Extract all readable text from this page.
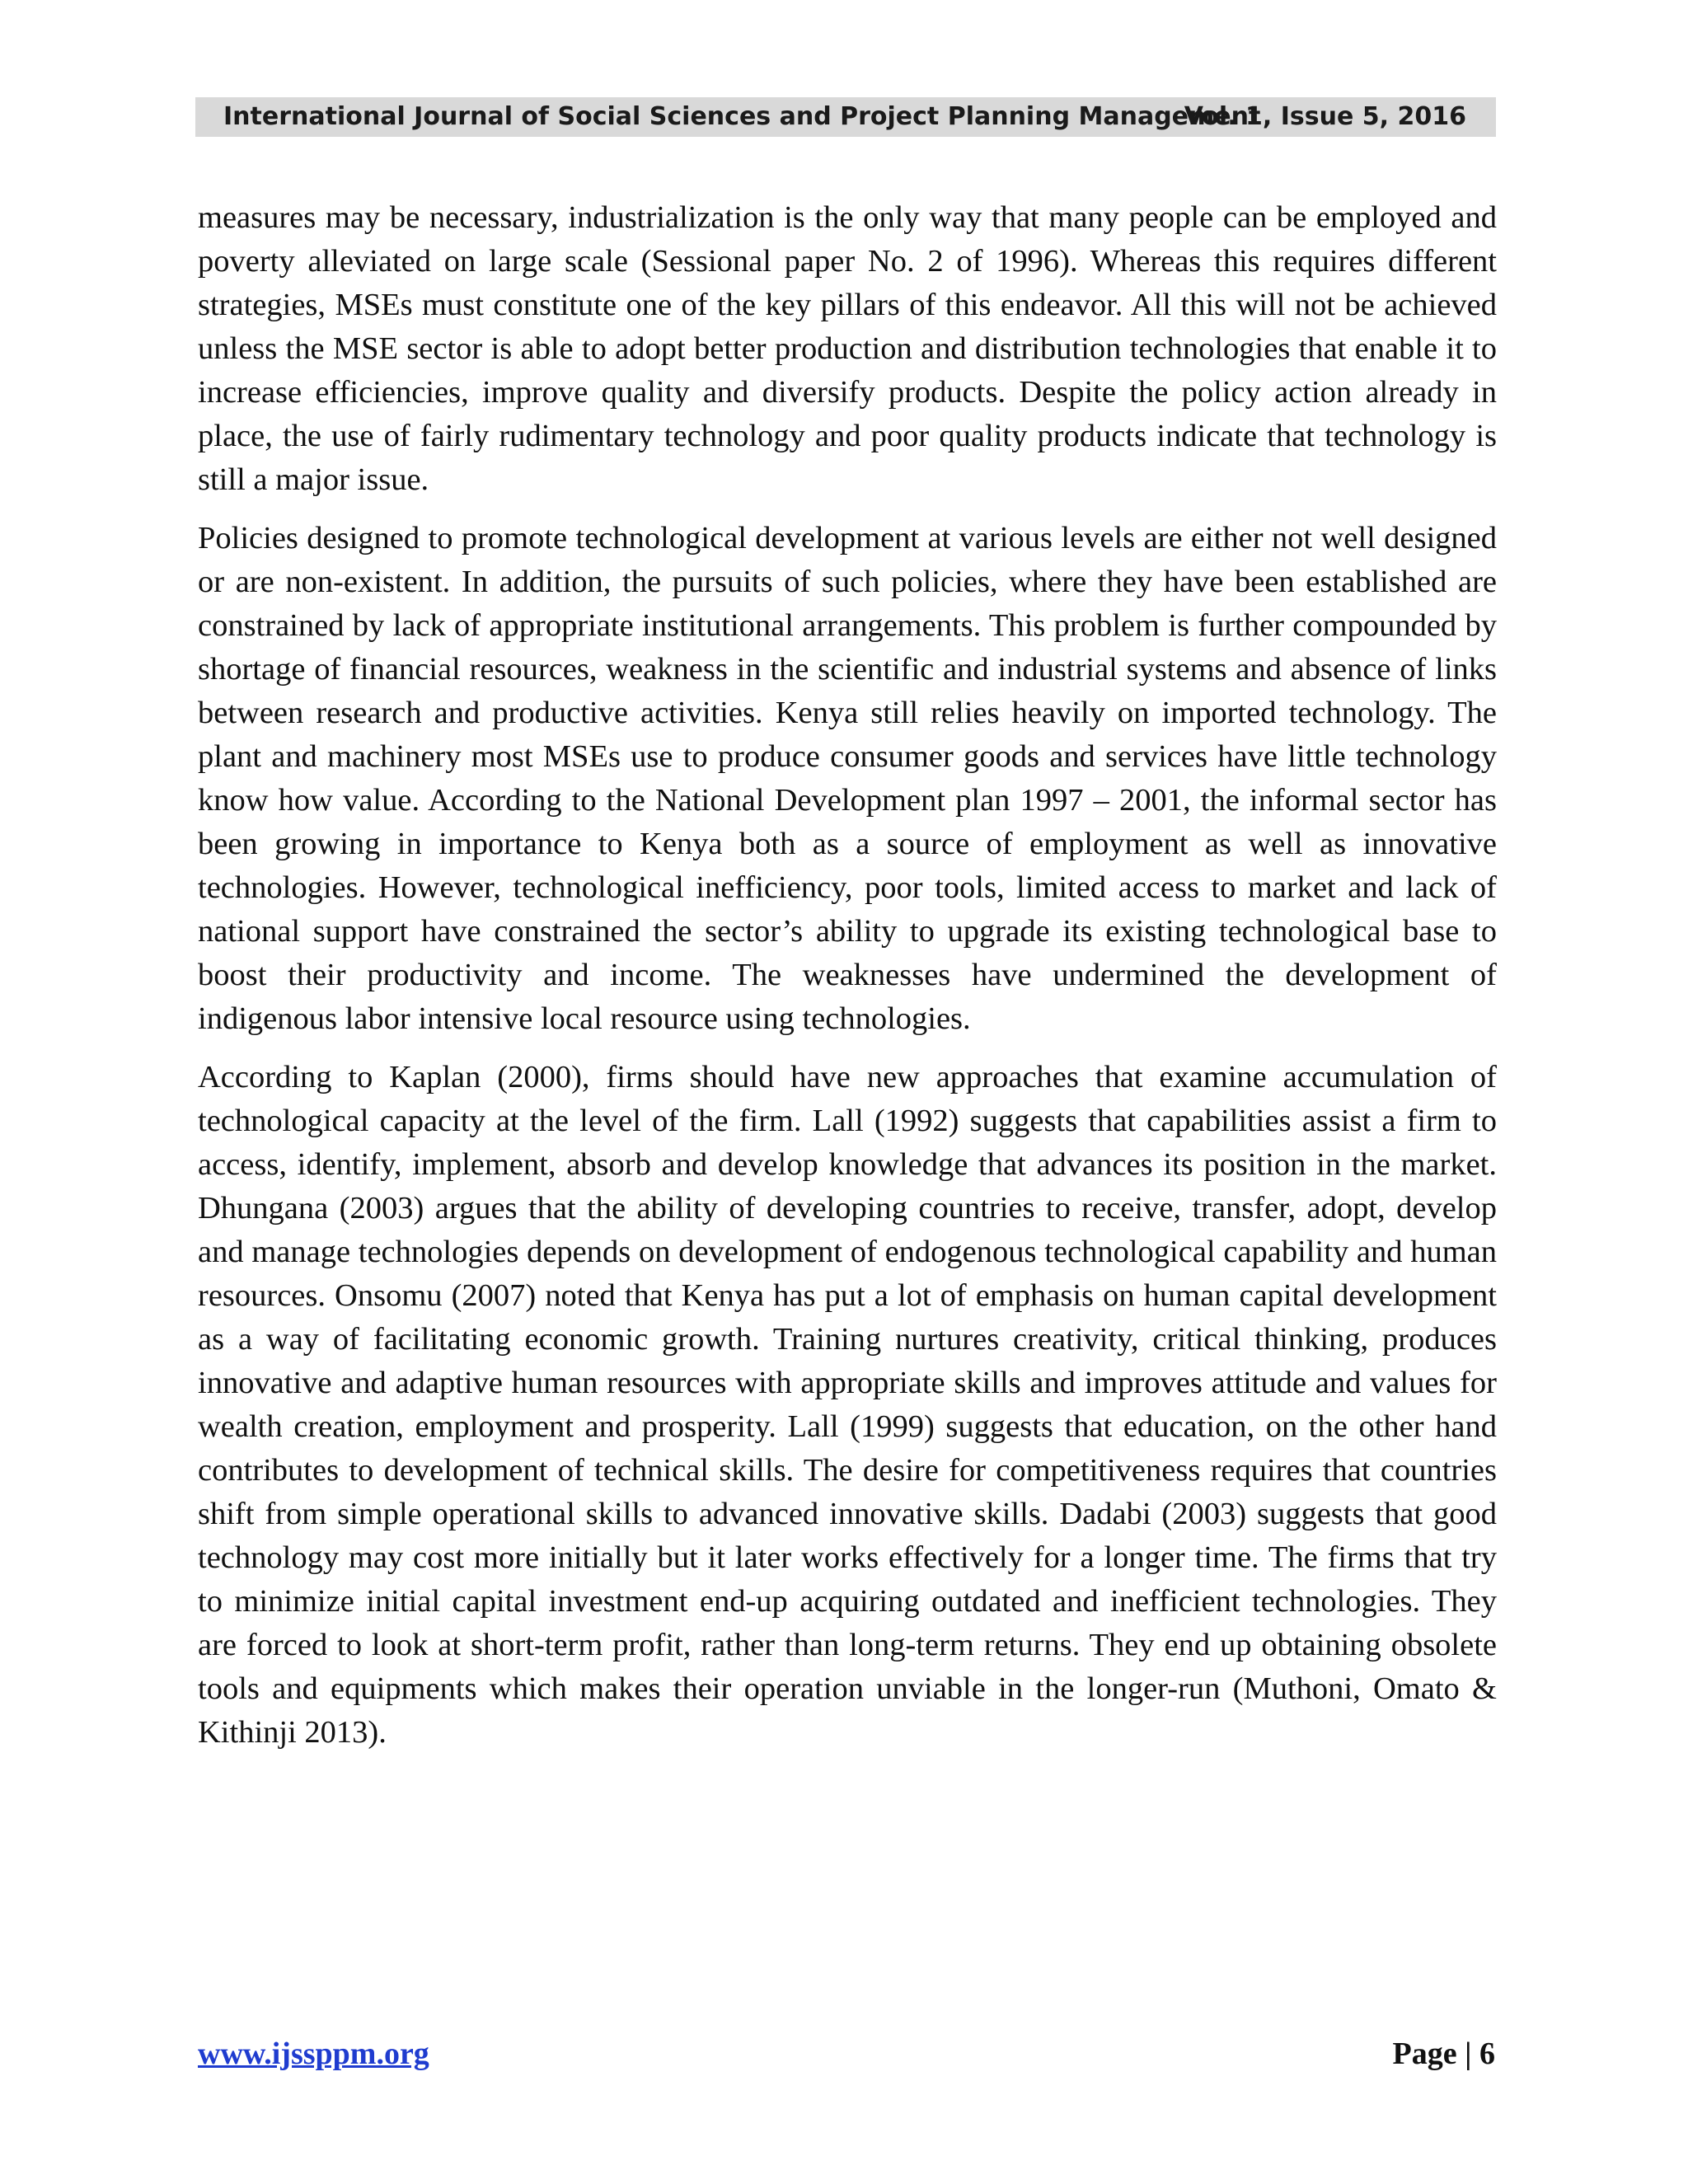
International Journal of Social Sciences and Project Planning Management
Vol. 1, Issue 5, 2016

measures may be necessary, industrialization is the only way that many people can be employed and poverty alleviated on large scale (Sessional paper No. 2 of 1996). Whereas this requires different strategies, MSEs must constitute one of the key pillars of this endeavor. All this will not be achieved unless the MSE sector is able to adopt better production and distribution technologies that enable it to increase efficiencies, improve quality and diversify products. Despite the policy action already in place, the use of fairly rudimentary technology and poor quality products indicate that technology is still a major issue.

Policies designed to promote technological development at various levels are either not well designed or are non-existent. In addition, the pursuits of such policies, where they have been established are constrained by lack of appropriate institutional arrangements. This problem is further compounded by shortage of financial resources, weakness in the scientific and industrial systems and absence of links between research and productive activities. Kenya still relies heavily on imported technology. The plant and machinery most MSEs use to produce consumer goods and services have little technology know how value. According to the National Development plan 1997 – 2001, the informal sector has been growing in importance to Kenya both as a source of employment as well as innovative technologies. However, technological inefficiency, poor tools, limited access to market and lack of national support have constrained the sector’s ability to upgrade its existing technological base to boost their productivity and income. The weaknesses have undermined the development of indigenous labor intensive local resource using technologies.

According to Kaplan (2000), firms should have new approaches that examine accumulation of technological capacity at the level of the firm. Lall (1992) suggests that capabilities assist a firm to access, identify, implement, absorb and develop knowledge that advances its position in the market. Dhungana (2003) argues that the ability of developing countries to receive, transfer, adopt, develop and manage technologies depends on development of endogenous technological capability and human resources. Onsomu (2007) noted that Kenya has put a lot of emphasis on human capital development as a way of facilitating economic growth. Training nurtures creativity, critical thinking, produces innovative and adaptive human resources with appropriate skills and improves attitude and values for wealth creation, employment and prosperity. Lall (1999) suggests that education, on the other hand contributes to development of technical skills. The desire for competitiveness requires that countries shift from simple operational skills to advanced innovative skills. Dadabi (2003) suggests that good technology may cost more initially but it later works effectively for a longer time. The firms that try to minimize initial capital investment end-up acquiring outdated and inefficient technologies. They are forced to look at short-term profit, rather than long-term returns. They end up obtaining obsolete tools and equipments which makes their operation unviable in the longer-run (Muthoni, Omato & Kithinji 2013).

www.ijssppm.org	Page | 6
